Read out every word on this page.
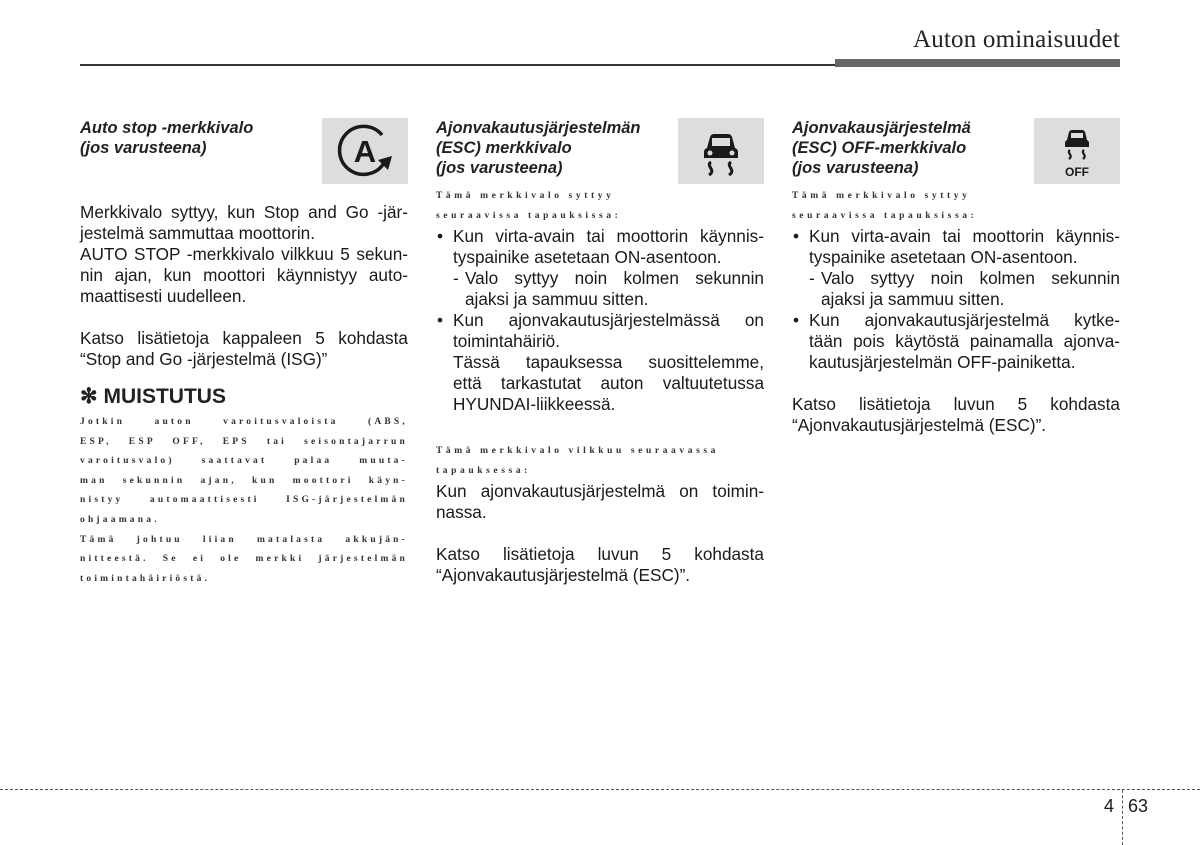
Auton ominaisuudet
Auto stop -merkkivalo
(jos varusteena)	A

Merkkivalo syttyy, kun Stop and Go -jär-
jestelmä sammuttaa moottorin.

AUTO STOP -merkkivalo vilkkuu 5 sekun-
nin ajan, kun moottori käynnistyy auto-
maattisesti uudelleen.

Katso lisätietoja kappaleen 5 kohdasta
“Stop and Go -järjestelmä (ISG)”

✻ MUISTUTUS

Jotkin auton varoitusvaloista (ABS,

ESP, ESP OFF, EPS tai seisontajarrun

varoitusvalo) saattavat palaa muuta-

man sekunnin ajan, kun moottori käyn-

nistyy automaattisesti ISG-järjestelmän

ohjaamana.

Tämä johtuu liian matalasta akkujän-

nitteestä. Se ei ole merkki järjestelmän

toimintahäiriöstä.

Ajonvakautusjärjestelmän
(ESC) merkkivalo
(jos varusteena)

Tämä merkkivalo syttyy
seuraavissa tapauksissa:

• Kun virta-avain tai moottorin käynnis-
tyspainike asetetaan ON-asentoon.
- Valo syttyy noin kolmen sekunnin
ajaksi ja sammuu sitten.
• Kun ajonvakautusjärjestelmässä on
toimintahäiriö.
Tässä tapauksessa suosittelemme,
että tarkastutat auton valtuutetussa
HYUNDAI-liikkeessä.

Tämä merkkivalo vilkkuu seuraavassa
tapauksessa:

Kun ajonvakautusjärjestelmä on toimin-
nassa.

Katso lisätietoja luvun 5 kohdasta
“Ajonvakautusjärjestelmä (ESC)”.

Ajonvakausjärjestelmä
(ESC) OFF-merkkivalo
(jos varusteena)	OFF

Tämä merkkivalo syttyy
seuraavissa tapauksissa:

• Kun virta-avain tai moottorin käynnis-
tyspainike asetetaan ON-asentoon.
- Valo syttyy noin kolmen sekunnin
ajaksi ja sammuu sitten.
• Kun ajonvakautusjärjestelmä kytke-
tään pois käytöstä painamalla ajonva-
kautusjärjestelmän OFF-painiketta.

Katso lisätietoja luvun 5 kohdasta
“Ajonvakautusjärjestelmä (ESC)”.

4 63
